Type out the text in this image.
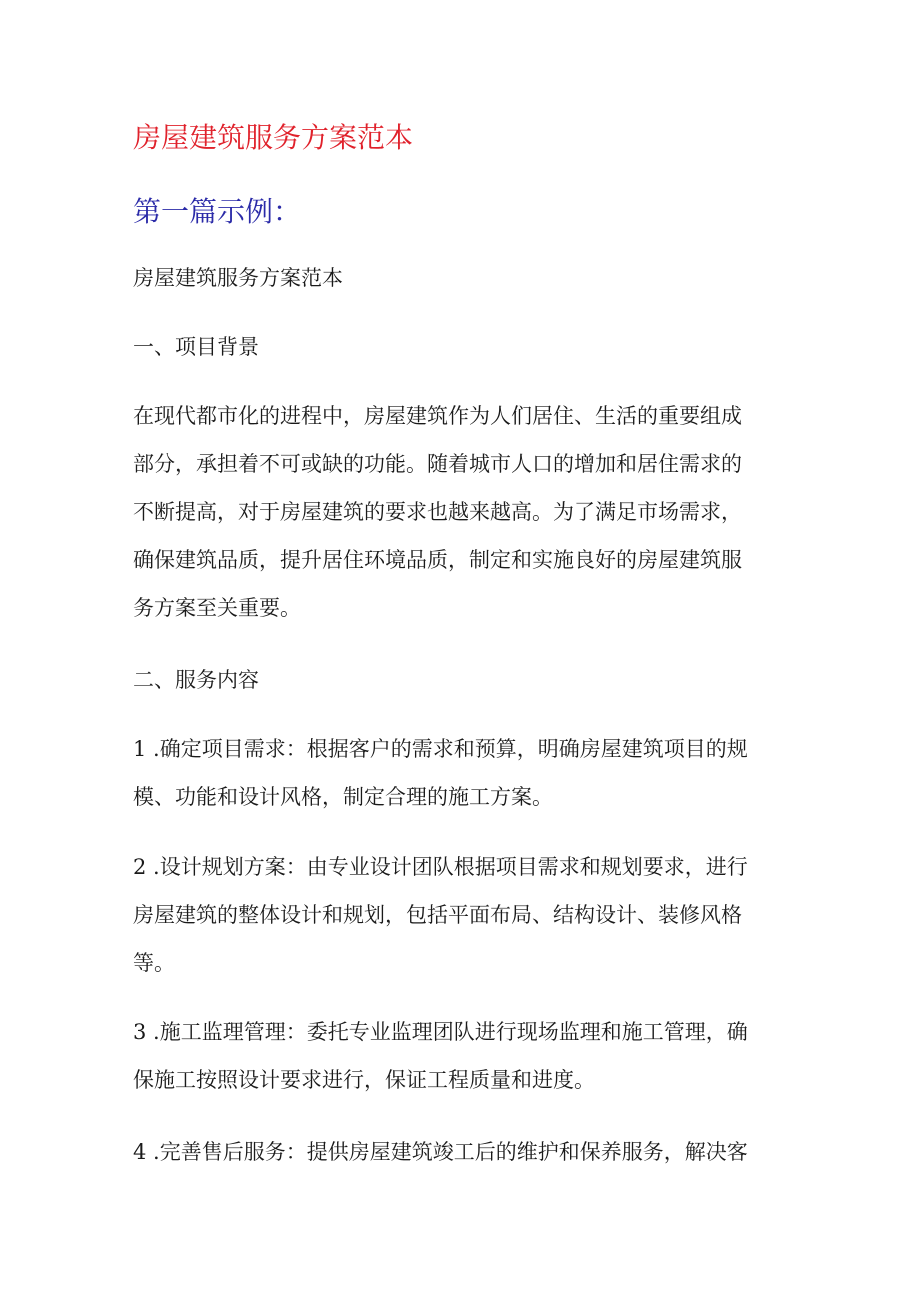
房屋建筑服务方案范本
第一篇示例：
房屋建筑服务方案范本
一、项目背景
在现代都市化的进程中，房屋建筑作为人们居住、生活的重要组成
部分，承担着不可或缺的功能。随着城市人口的增加和居住需求的
不断提高，对于房屋建筑的要求也越来越高。为了满足市场需求，
确保建筑品质，提升居住环境品质，制定和实施良好的房屋建筑服
务方案至关重要。
二、服务内容
1 .确定项目需求：根据客户的需求和预算，明确房屋建筑项目的规
模、功能和设计风格，制定合理的施工方案。
2 .设计规划方案：由专业设计团队根据项目需求和规划要求，进行
房屋建筑的整体设计和规划，包括平面布局、结构设计、装修风格
等。
3 .施工监理管理：委托专业监理团队进行现场监理和施工管理，确
保施工按照设计要求进行，保证工程质量和进度。
4 .完善售后服务：提供房屋建筑竣工后的维护和保养服务，解决客
